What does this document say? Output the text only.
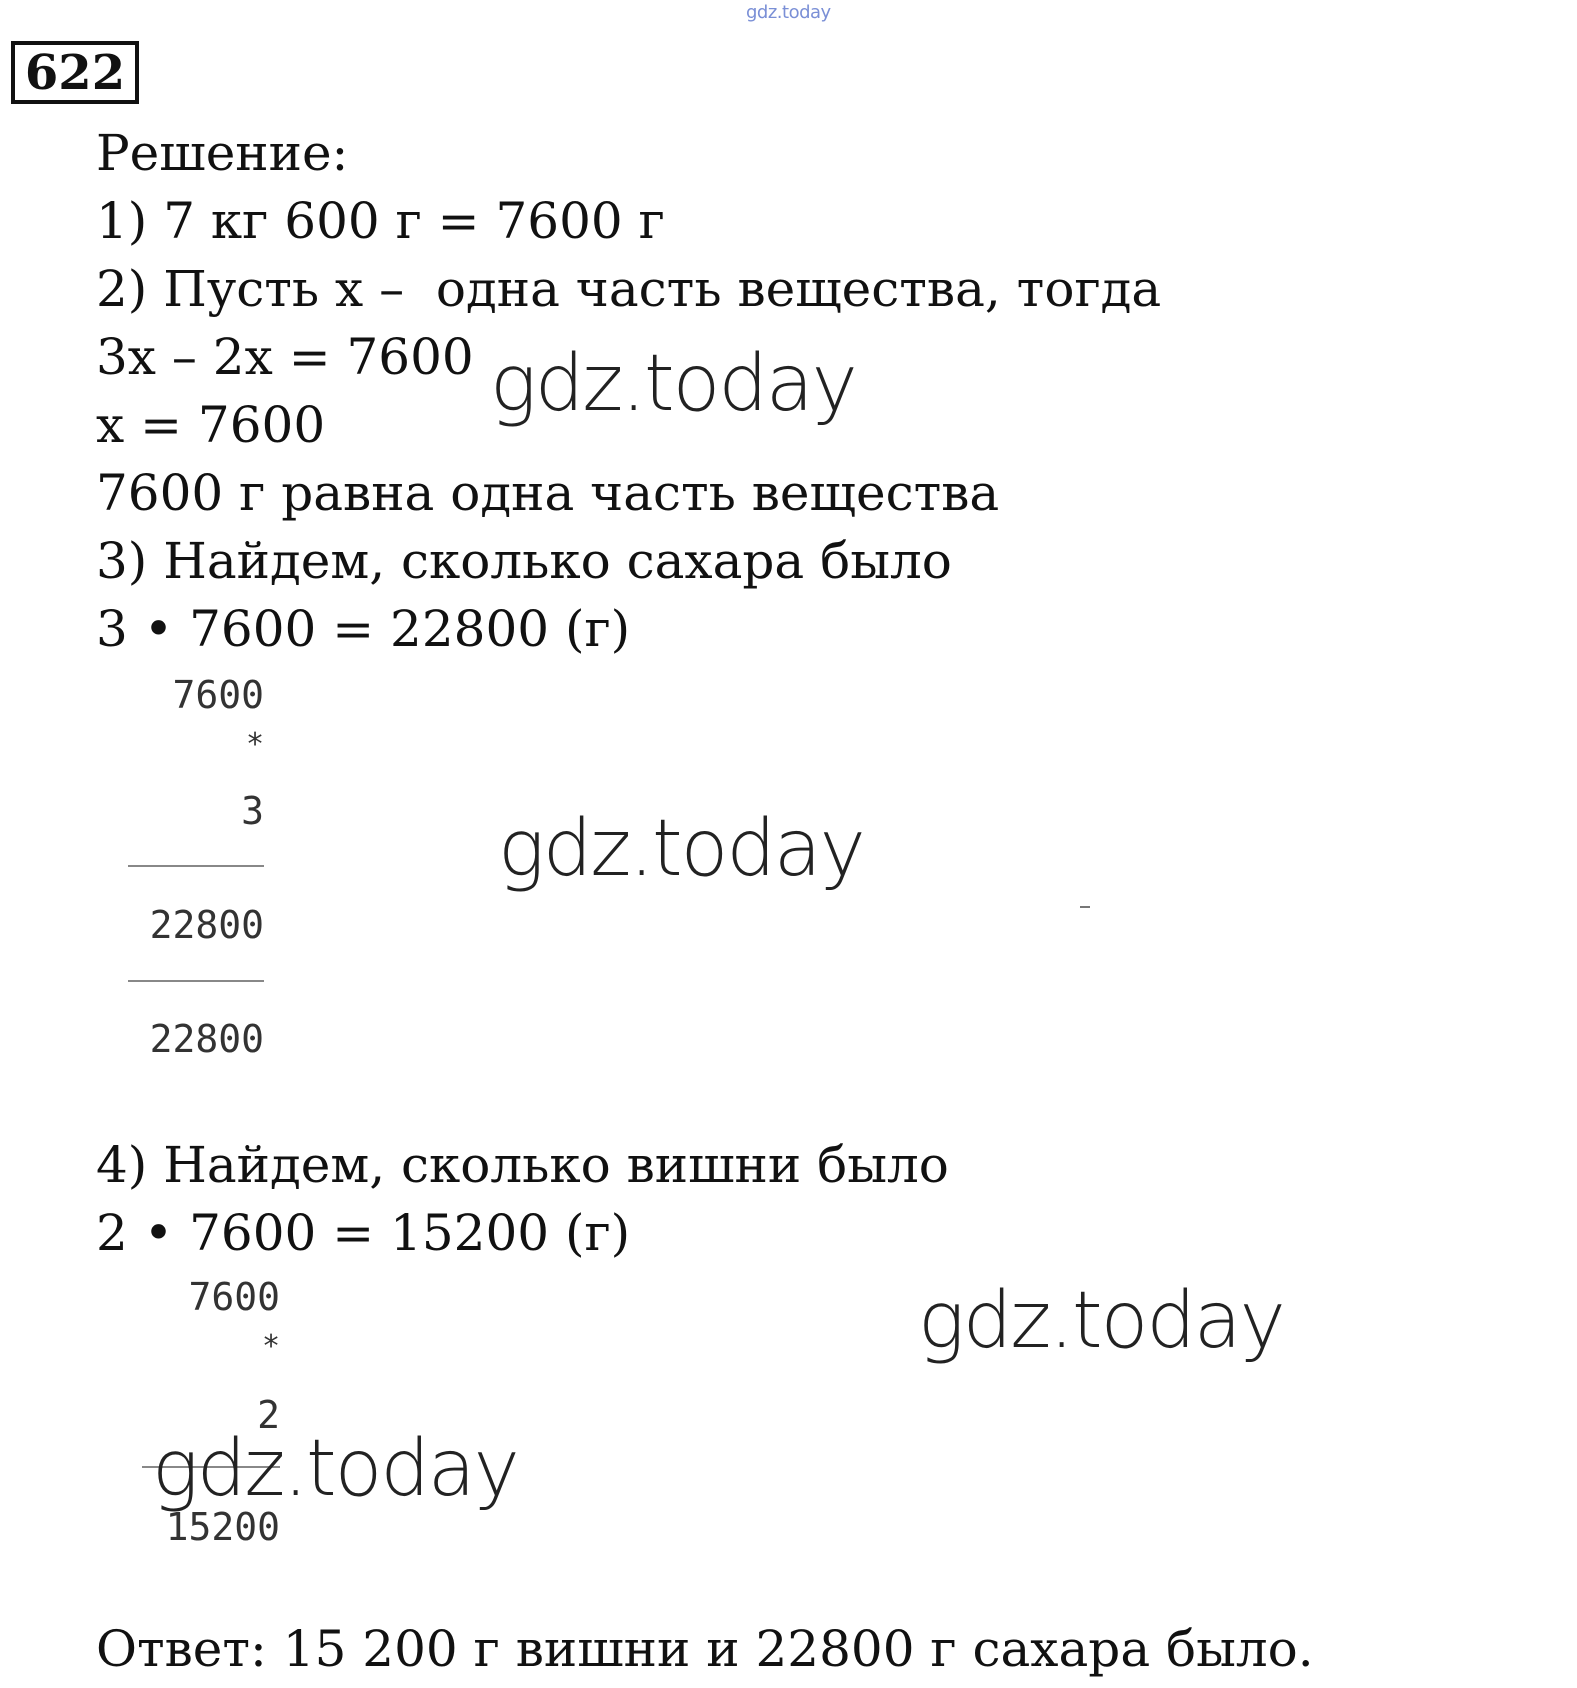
gdz.today
622
Решение:
1) 7 кг 600 г = 7600 г
2) Пусть х –  одна часть вещества, тогда
3х – 2х = 7600
х = 7600
7600 г равна одна часть вещества
3) Найдем, сколько сахара было
3 • 7600 = 22800 (г)
7600
*
3
22800
22800
4) Найдем, сколько вишни было
2 • 7600 = 15200 (г)
7600
*
2
15200
Ответ: 15 200 г вишни и 22800 г сахара было.
gdz.today
gdz.today
gdz.today
gdz.today
